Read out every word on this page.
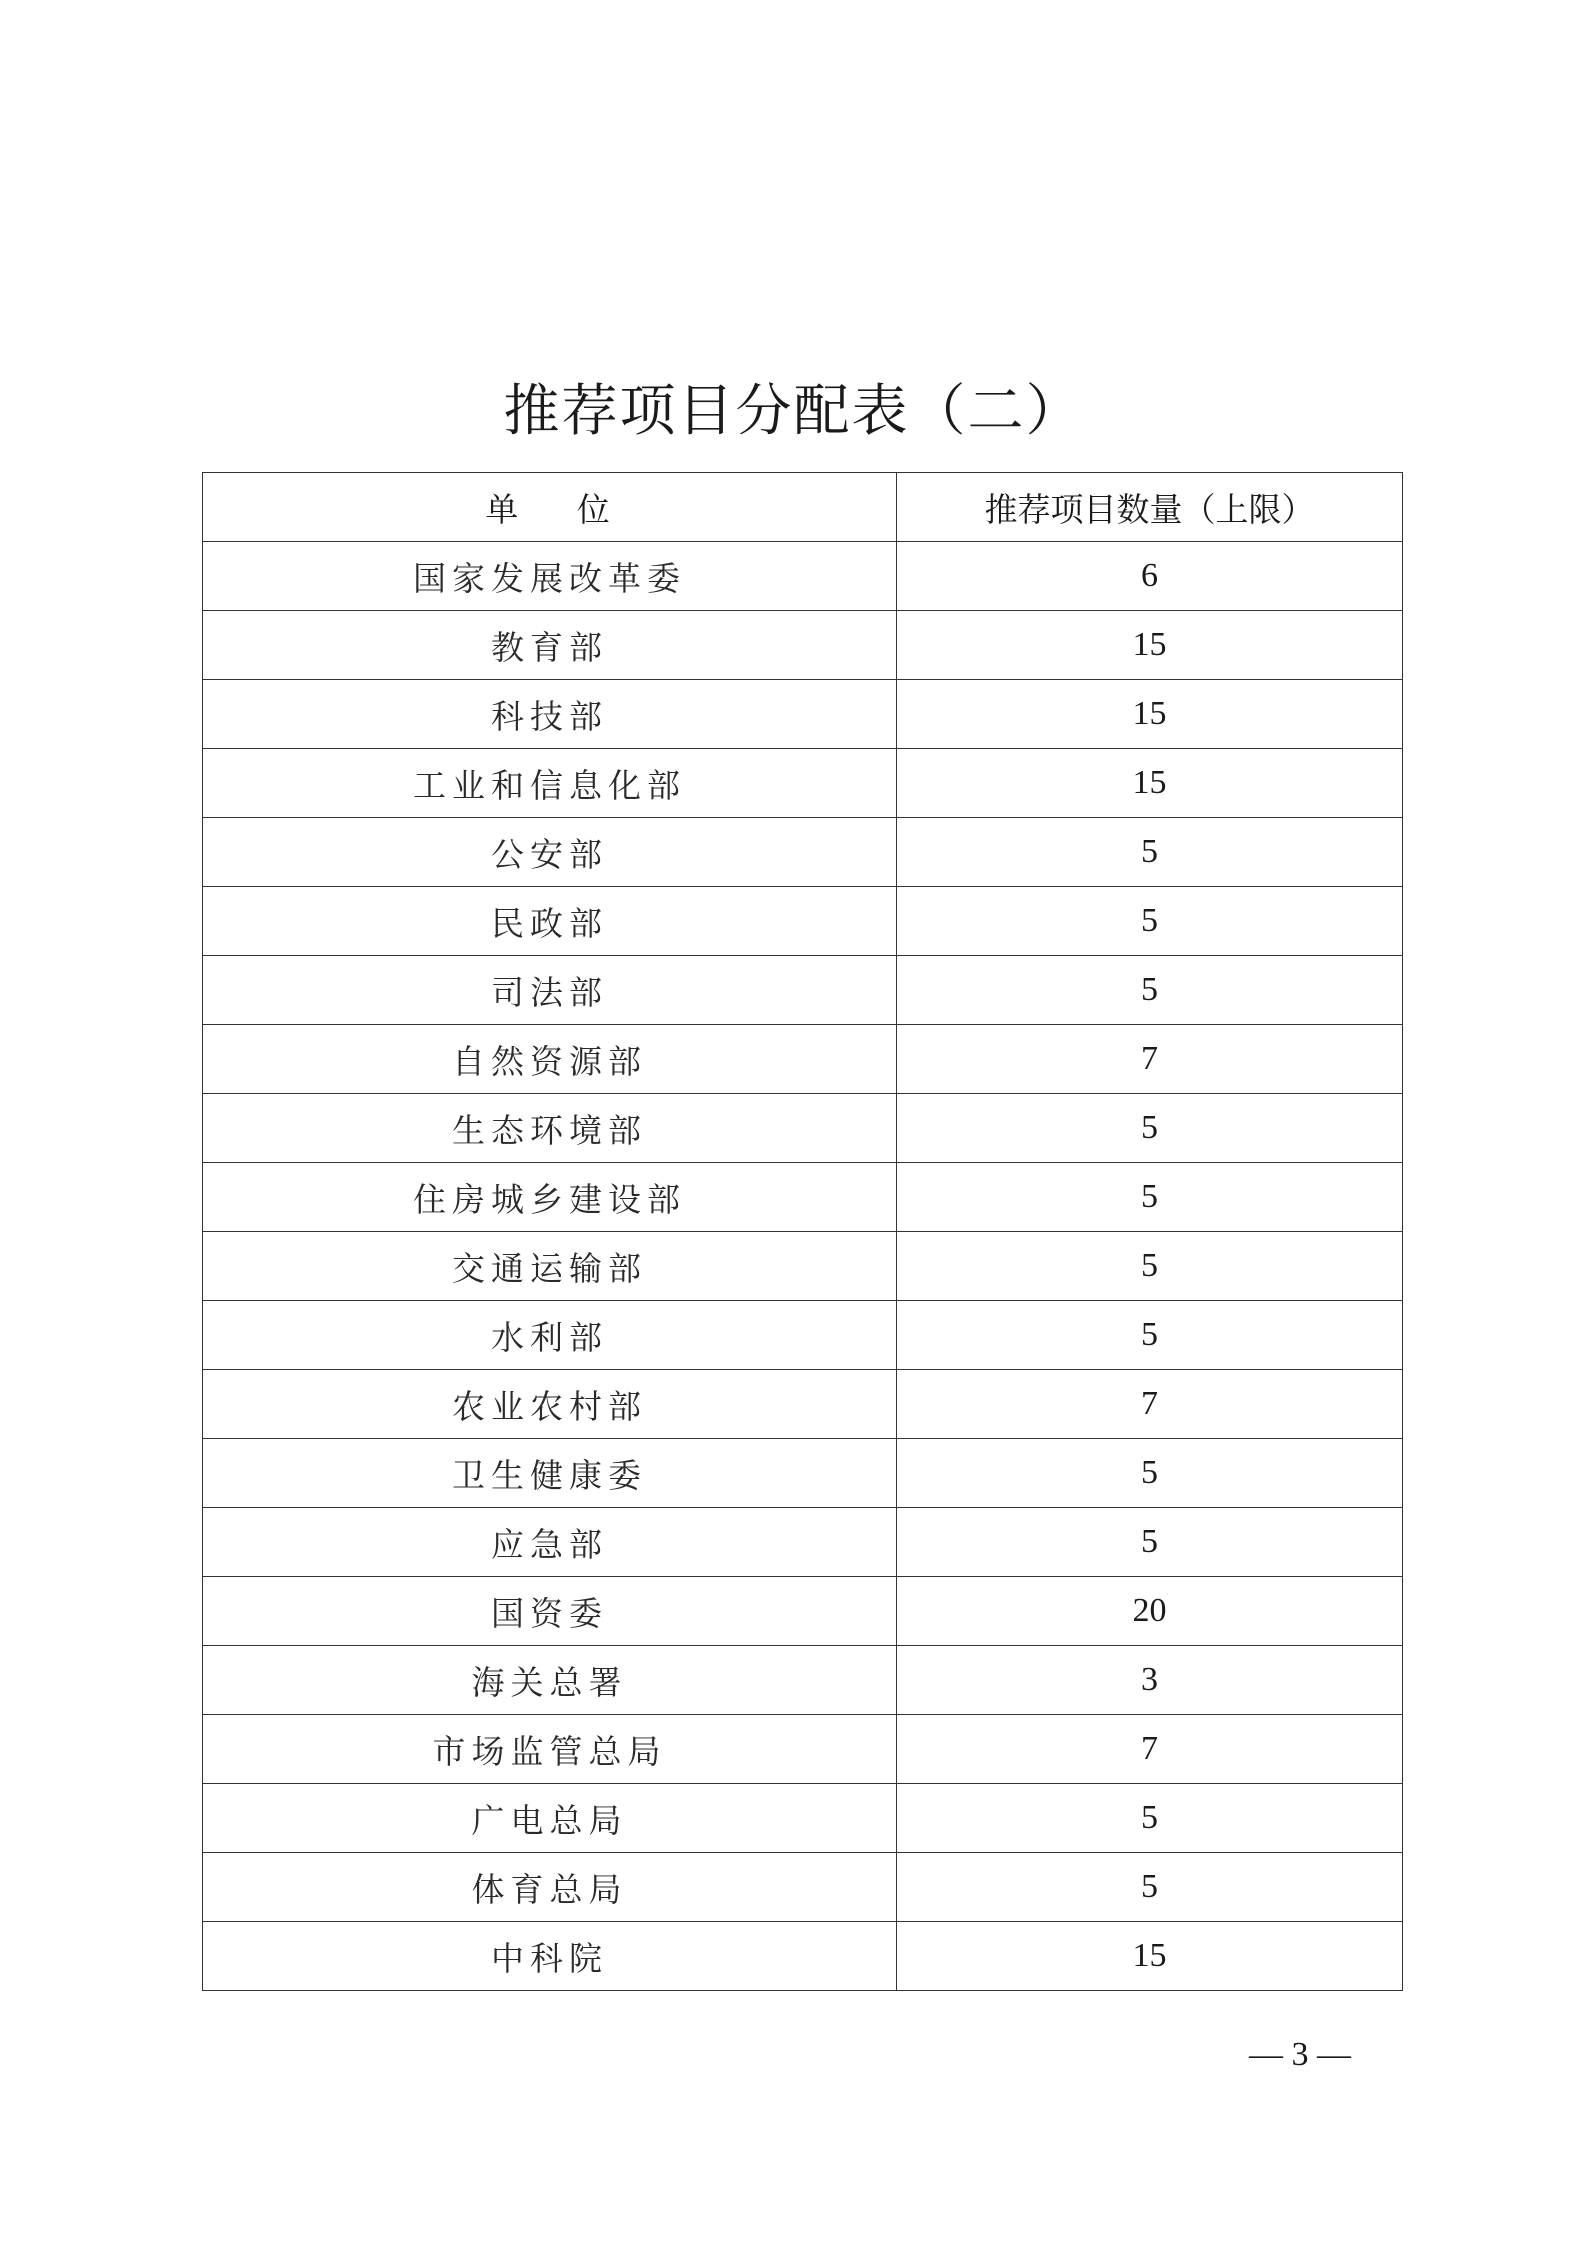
推荐项目分配表（二）
单 位	推荐项目数量（上限）
国家发展改革委	6
教育部	15
科技部	15
工业和信息化部	15
公安部	5
民政部	5
司法部	5
自然资源部	7
生态环境部	5
住房城乡建设部	5
交通运输部	5
水利部	5
农业农村部	7
卫生健康委	5
应急部	5
国资委	20
海关总署	3
市场监管总局	7
广电总局	5
体育总局	5
中科院	15
— 3 —
